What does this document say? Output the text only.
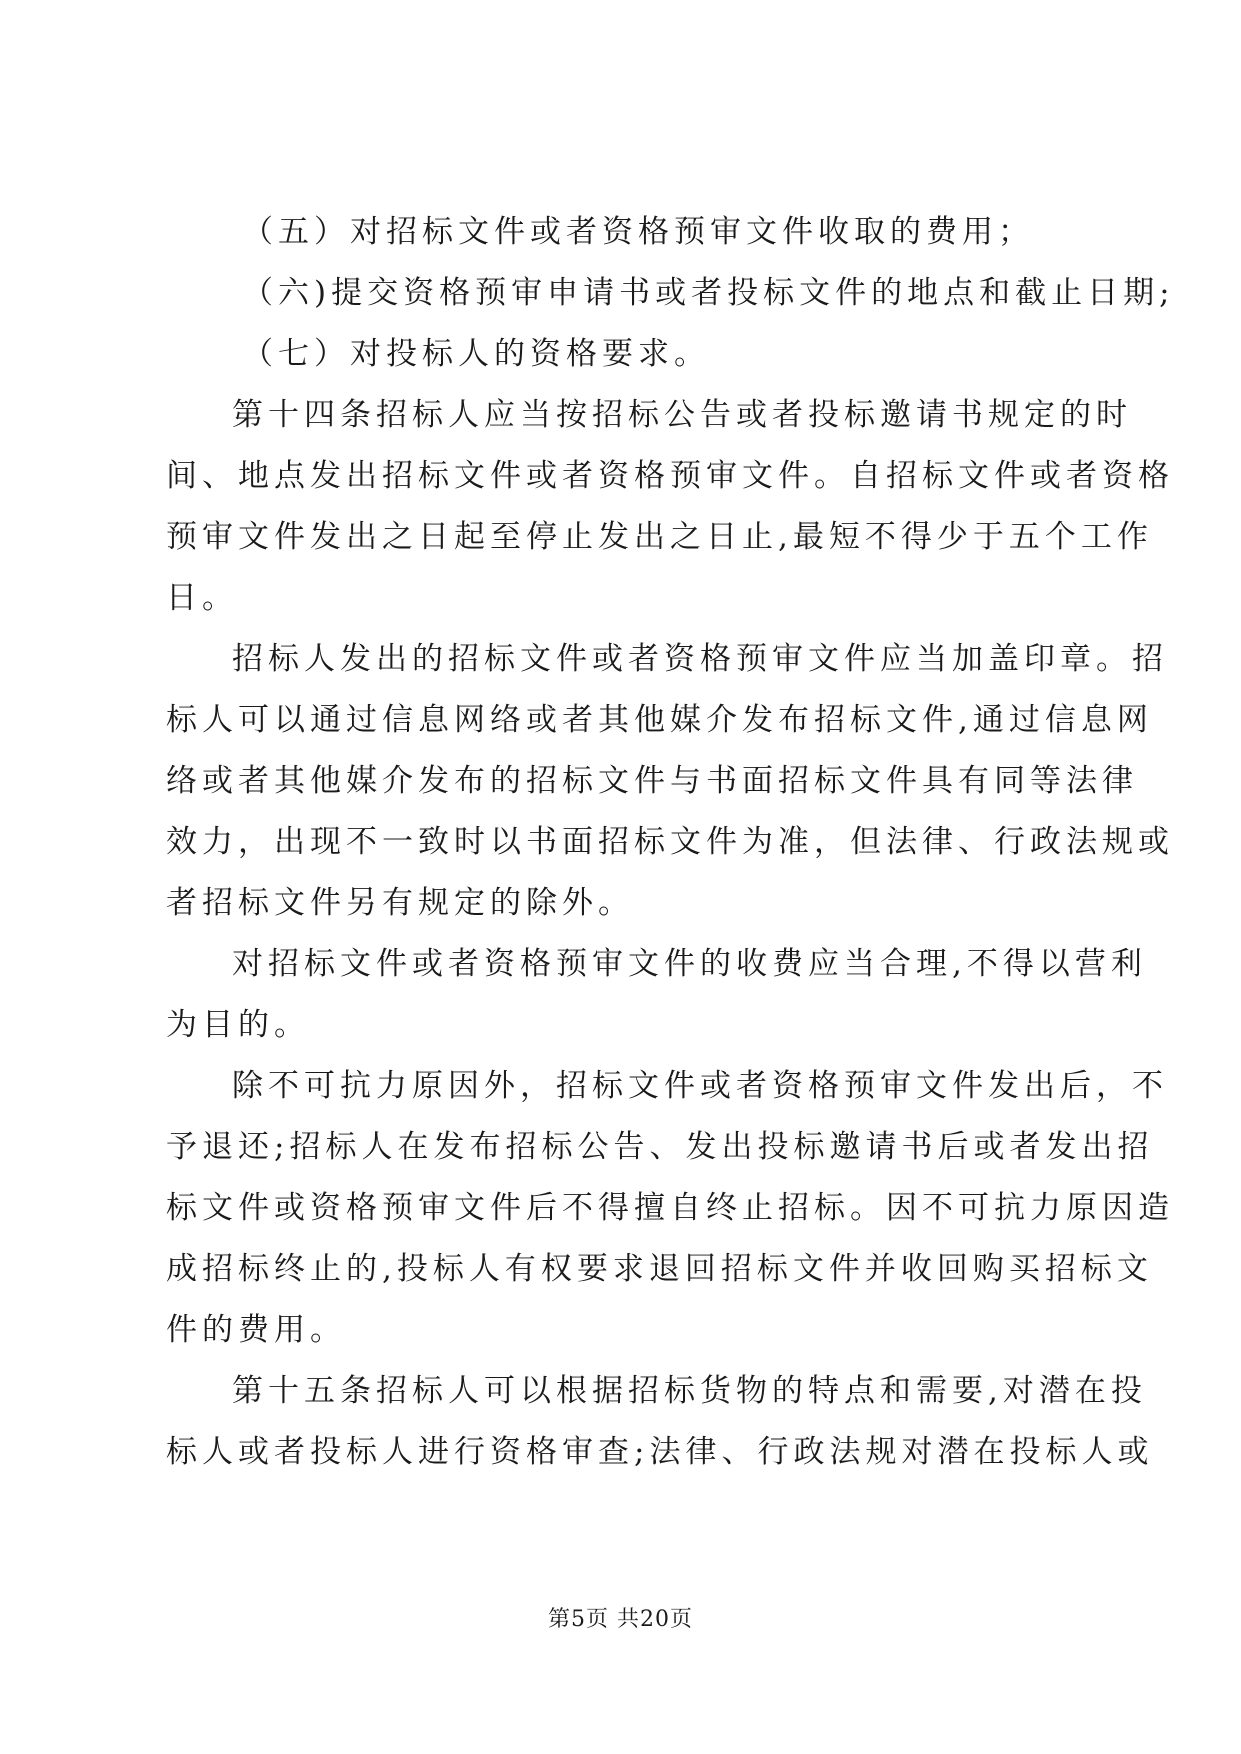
（五）对招标文件或者资格预审文件收取的费用；
（六)提交资格预审申请书或者投标文件的地点和截止日期;
（七）对投标人的资格要求。
第十四条招标人应当按招标公告或者投标邀请书规定的时
间、地点发出招标文件或者资格预审文件。自招标文件或者资格
预审文件发出之日起至停止发出之日止,最短不得少于五个工作
日。
招标人发出的招标文件或者资格预审文件应当加盖印章。招
标人可以通过信息网络或者其他媒介发布招标文件,通过信息网
络或者其他媒介发布的招标文件与书面招标文件具有同等法律
效力，出现不一致时以书面招标文件为准，但法律、行政法规或
者招标文件另有规定的除外。
对招标文件或者资格预审文件的收费应当合理,不得以营利
为目的。
除不可抗力原因外，招标文件或者资格预审文件发出后，不
予退还;招标人在发布招标公告、发出投标邀请书后或者发出招
标文件或资格预审文件后不得擅自终止招标。因不可抗力原因造
成招标终止的,投标人有权要求退回招标文件并收回购买招标文
件的费用。
第十五条招标人可以根据招标货物的特点和需要,对潜在投
标人或者投标人进行资格审查;法律、行政法规对潜在投标人或
第5页 共20页
